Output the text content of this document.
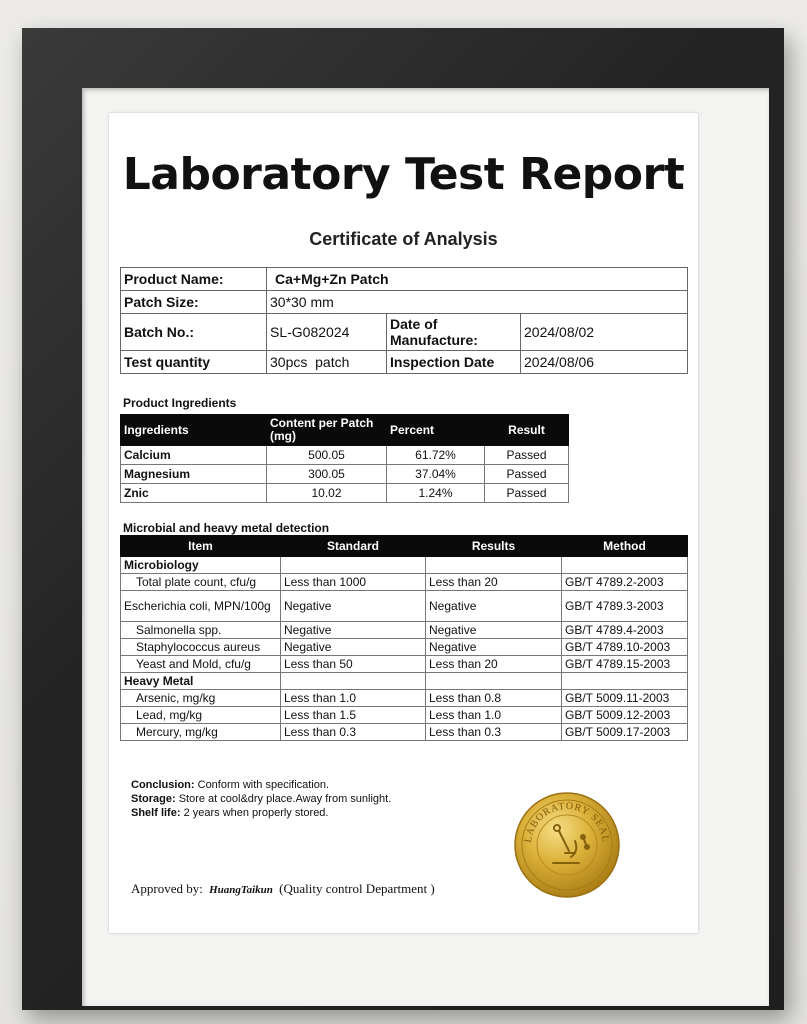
Laboratory Test Report
Certificate of Analysis
Product Name:	Ca+Mg+Zn Patch		
Patch Size:	30*30 mm		
Batch No.:	SL-G082024	Date of Manufacture:	2024/08/02
Test quantity	30pcs  patch	Inspection Date	2024/08/06
Product Ingredients
Ingredients	Content per Patch (mg)	Percent	Result
Calcium	500.05	61.72%	Passed
Magnesium	300.05	37.04%	Passed
Znic	10.02	1.24%	Passed
Microbial and heavy metal detection
Item	Standard	Results	Method
Microbiology			
Total plate count, cfu/g	Less than 1000	Less than 20	GB/T 4789.2-2003
Escherichia coli, MPN/100g	Negative	Negative	GB/T 4789.3-2003
Salmonella spp.	Negative	Negative	GB/T 4789.4-2003
Staphylococcus aureus	Negative	Negative	GB/T 4789.10-2003
Yeast and Mold, cfu/g	Less than 50	Less than 20	GB/T 4789.15-2003
Heavy Metal			
Arsenic, mg/kg	Less than 1.0	Less than 0.8	GB/T 5009.11-2003
Lead, mg/kg	Less than 1.5	Less than 1.0	GB/T 5009.12-2003
Mercury, mg/kg	Less than 0.3	Less than 0.3	GB/T 5009.17-2003
Conclusion: Conform with specification.
Storage: Store at cool&dry place.Away from sunlight.
Shelf life: 2 years when properly stored.
Approved by: HuangTaikun (Quality control Department )
LABORATORY SEAL
